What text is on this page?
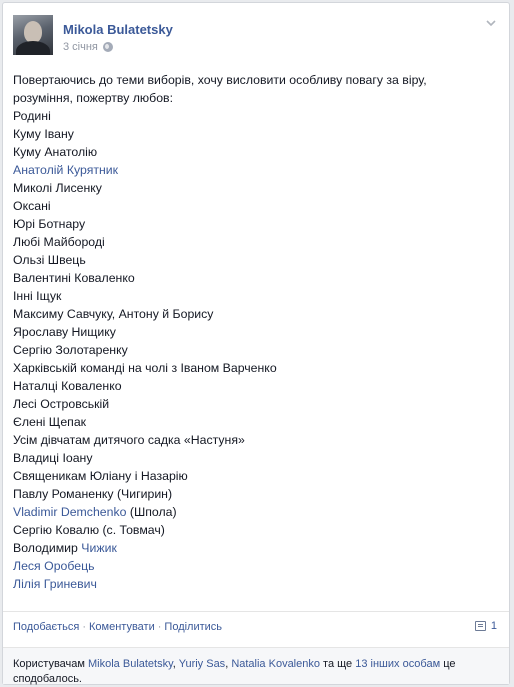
Mikola Bulatetsky
3 січня
Повертаючись до теми виборів, хочу висловити особливу повагу за віру,
розуміння, пожертву любов:
Родині
Куму Івану
Куму Анатолію
Анатолій Курятник
Миколі Лисенку
Оксані
Юрі Ботнару
Любі Майбороді
Ользі Швець
Валентині Коваленко
Інні Іщук
Максиму Савчуку, Антону й Борису
Ярославу Нищику
Сергію Золотаренку
Харківській команді на чолі з Іваном Варченко
Наталці Коваленко
Лесі Островській
Єлені Щепак
Усім дівчатам дитячого садка «Настуня»
Владиці Іоану
Священикам Юліану і Назарію
Павлу Романенку (Чигирин)
Vladimir Demchenko (Шпола)
Сергію Ковалю (с. Товмач)
Володимир Чижик
Леся Оробець
Лілія Гриневич
Подобається · Коментувати · Поділитись	1
Користувачам Mikola Bulatetsky, Yuriy Sas, Natalia Kovalenko та ще 13 інших особам це сподобалось.
